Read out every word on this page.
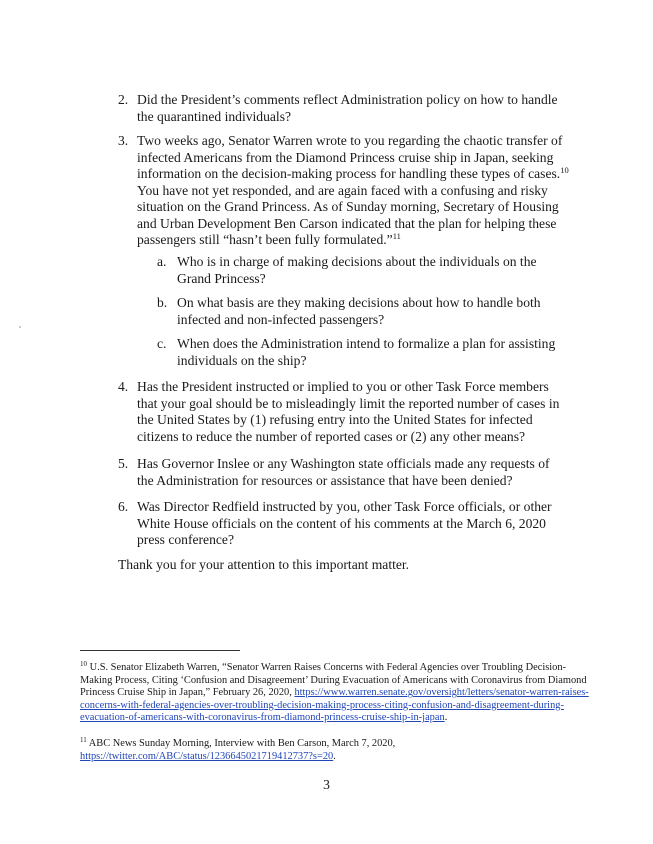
2. Did the President’s comments reflect Administration policy on how to handle the quarantined individuals?
3. Two weeks ago, Senator Warren wrote to you regarding the chaotic transfer of infected Americans from the Diamond Princess cruise ship in Japan, seeking information on the decision-making process for handling these types of cases.$^{10}$ You have not yet responded, and are again faced with a confusing and risky situation on the Grand Princess. As of Sunday morning, Secretary of Housing and Urban Development Ben Carson indicated that the plan for helping these passengers still “hasn’t been fully formulated.”$^{11}$
a. Who is in charge of making decisions about the individuals on the Grand Princess?
b. On what basis are they making decisions about how to handle both infected and non-infected passengers?
c. When does the Administration intend to formalize a plan for assisting individuals on the ship?
4. Has the President instructed or implied to you or other Task Force members that your goal should be to misleadingly limit the reported number of cases in the United States by (1) refusing entry into the United States for infected citizens to reduce the number of reported cases or (2) any other means?
5. Has Governor Inslee or any Washington state officials made any requests of the Administration for resources or assistance that have been denied?
6. Was Director Redfield instructed by you, other Task Force officials, or other White House officials on the content of his comments at the March 6, 2020 press conference?
Thank you for your attention to this important matter.
$^{10}$ U.S. Senator Elizabeth Warren, “Senator Warren Raises Concerns with Federal Agencies over Troubling Decision-Making Process, Citing ‘Confusion and Disagreement’ During Evacuation of Americans with Coronavirus from Diamond Princess Cruise Ship in Japan,” February 26, 2020, https://www.warren.senate.gov/oversight/letters/senator-warren-raises-concerns-with-federal-agencies-over-troubling-decision-making-process-citing-confusion-and-disagreement-during-evacuation-of-americans-with-coronavirus-from-diamond-princess-cruise-ship-in-japan.
$^{11}$ ABC News Sunday Morning, Interview with Ben Carson, March 7, 2020,
https://twitter.com/ABC/status/1236645021719412737?s=20.
3
